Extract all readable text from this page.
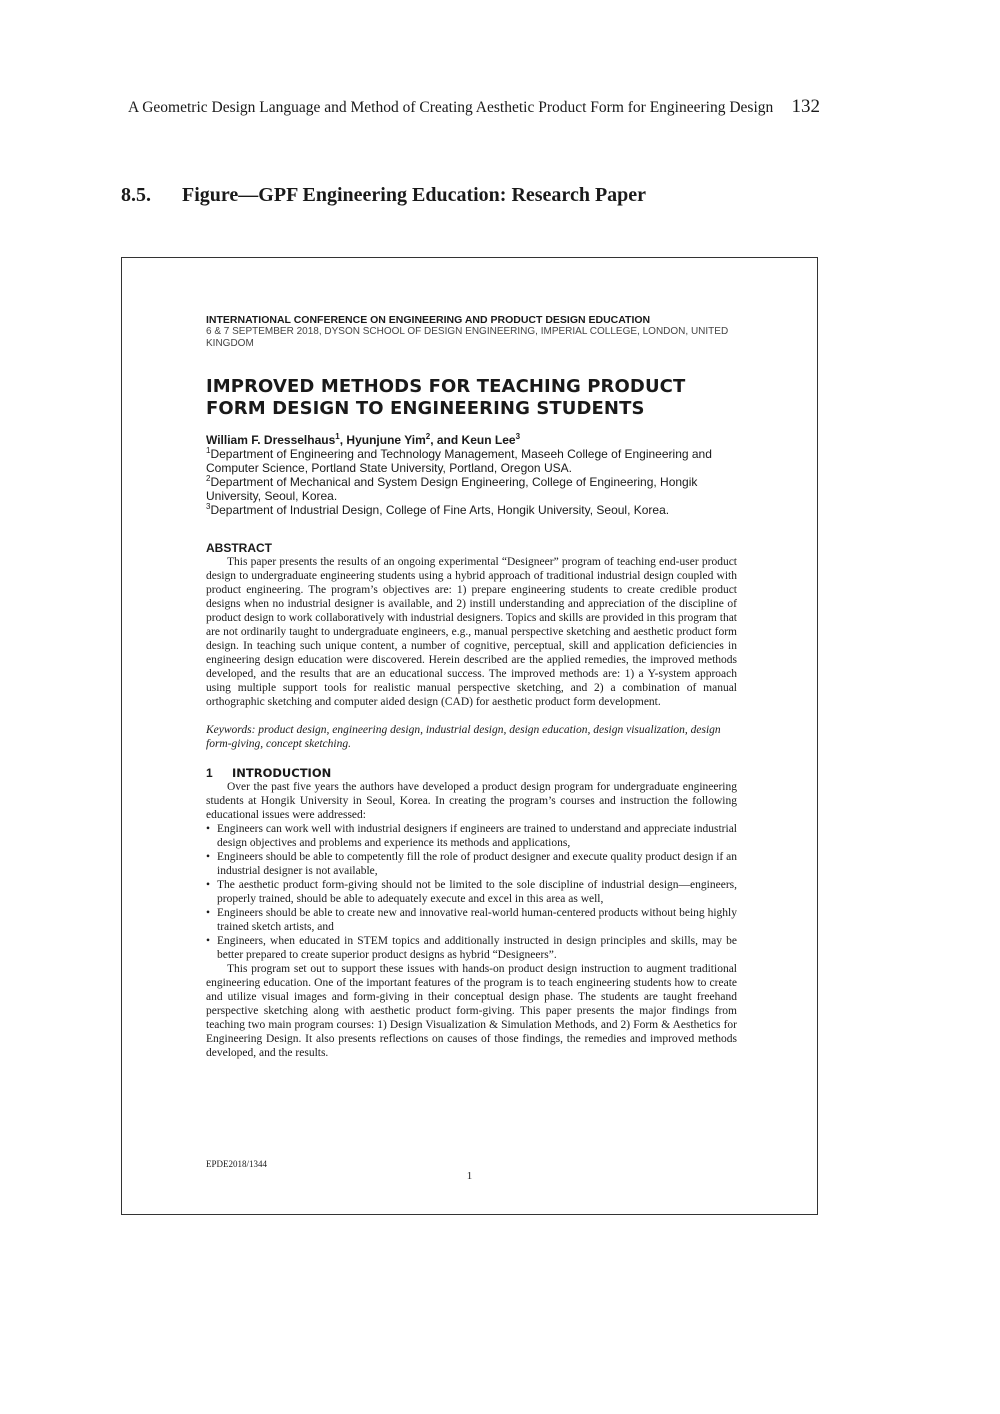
A Geometric Design Language and Method of Creating Aesthetic Product Form for Engineering Design 132
8.5.	Figure—GPF Engineering Education: Research Paper
INTERNATIONAL CONFERENCE ON ENGINEERING AND PRODUCT DESIGN EDUCATION
6 & 7 SEPTEMBER 2018, DYSON SCHOOL OF DESIGN ENGINEERING, IMPERIAL COLLEGE, LONDON, UNITED KINGDOM
IMPROVED METHODS FOR TEACHING PRODUCT
FORM DESIGN TO ENGINEERING STUDENTS
William F. Dresselhaus$^1$, Hyunjune Yim$^2$, and Keun Lee$^3$
$^1$Department of Engineering and Technology Management, Maseeh College of Engineering and Computer Science, Portland State University, Portland, Oregon USA.
$^2$Department of Mechanical and System Design Engineering, College of Engineering, Hongik University, Seoul, Korea.
$^3$Department of Industrial Design, College of Fine Arts, Hongik University, Seoul, Korea.
ABSTRACT
This paper presents the results of an ongoing experimental “Designeer” program of teaching end-user product design to undergraduate engineering students using a hybrid approach of traditional industrial design coupled with product engineering. The program’s objectives are: 1) prepare engineering students to create credible product designs when no industrial designer is available, and 2) instill understanding and appreciation of the discipline of product design to work collaboratively with industrial designers. Topics and skills are provided in this program that are not ordinarily taught to undergraduate engineers, e.g., manual perspective sketching and aesthetic product form design. In teaching such unique content, a number of cognitive, perceptual, skill and application deficiencies in engineering design education were discovered. Herein described are the applied remedies, the improved methods developed, and the results that are an educational success. The improved methods are: 1) a Y-system approach using multiple support tools for realistic manual perspective sketching, and 2) a combination of manual orthographic sketching and computer aided design (CAD) for aesthetic product form development.
Keywords: product design, engineering design, industrial design, design education, design visualization, design form-giving, concept sketching.
1	INTRODUCTION
Over the past five years the authors have developed a product design program for undergraduate engineering students at Hongik University in Seoul, Korea. In creating the program’s courses and instruction the following educational issues were addressed:
• Engineers can work well with industrial designers if engineers are trained to understand and appreciate industrial design objectives and problems and experience its methods and applications,
• Engineers should be able to competently fill the role of product designer and execute quality product design if an industrial designer is not available,
• The aesthetic product form-giving should not be limited to the sole discipline of industrial design—engineers, properly trained, should be able to adequately execute and excel in this area as well,
• Engineers should be able to create new and innovative real-world human-centered products without being highly trained sketch artists, and
• Engineers, when educated in STEM topics and additionally instructed in design principles and skills, may be better prepared to create superior product designs as hybrid “Designeers”.
This program set out to support these issues with hands-on product design instruction to augment traditional engineering education. One of the important features of the program is to teach engineering students how to create and utilize visual images and form-giving in their conceptual design phase. The students are taught freehand perspective sketching along with aesthetic product form-giving. This paper presents the major findings from teaching two main program courses: 1) Design Visualization & Simulation Methods, and 2) Form & Aesthetics for Engineering Design. It also presents reflections on causes of those findings, the remedies and improved methods developed, and the results.
EPDE2018/1344
1
